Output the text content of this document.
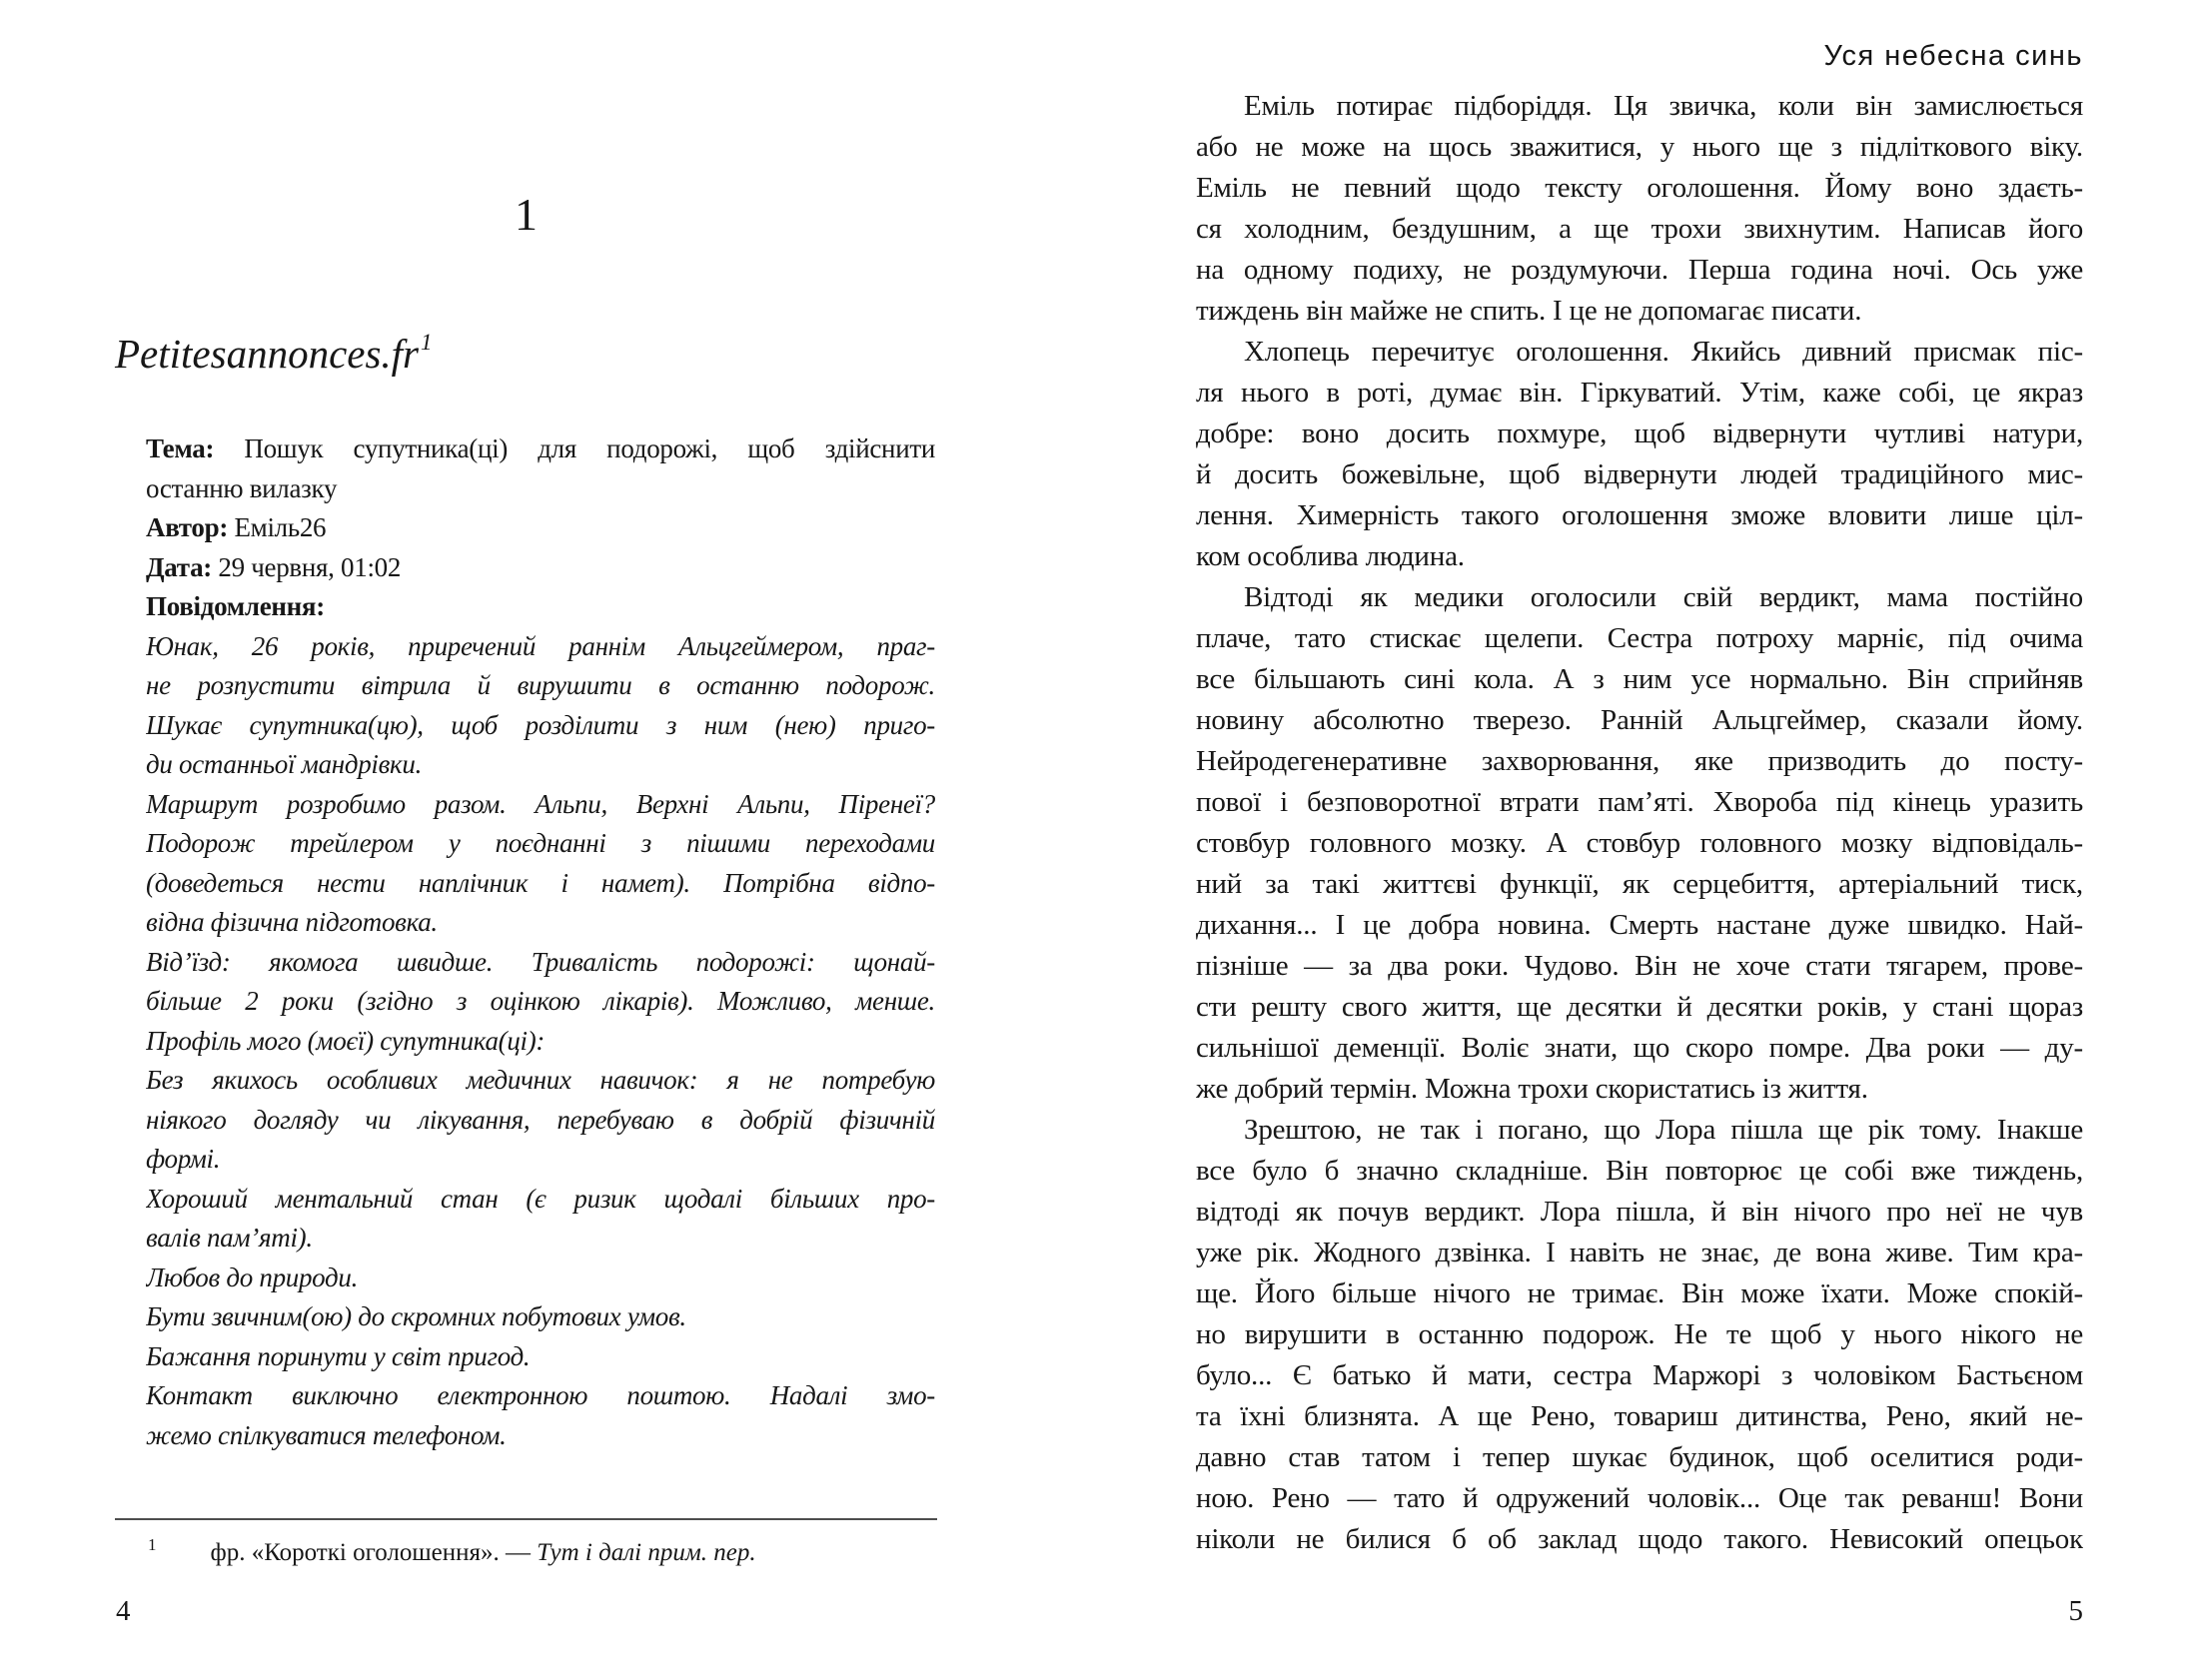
1
$Petitesannonces.fr^1$
Тема: Пошук супутника(ці) для подорожі, щоб здійснити
останню вилазку
Автор: Еміль26
Дата: 29 червня, 01:02
Повідомлення:
Юнак, 26 років, приречений раннім Альцгеймером, праг-
не розпустити вітрила й вирушити в останню подорож.
Шукає супутника(цю), щоб розділити з ним (нею) приго-
ди останньої мандрівки.
Маршрут розробимо разом. Альпи, Верхні Альпи, Піренеї?
Подорож трейлером у поєднанні з пішими переходами
(доведеться нести наплічник і намет). Потрібна відпо-
відна фізична підготовка.
Від’їзд: якомога швидше. Тривалість подорожі: щонай-
більше 2 роки (згідно з оцінкою лікарів). Можливо, менше.
Профіль мого (моєї) супутника(ці):
Без якихось особливих медичних навичок: я не потребую
ніякого догляду чи лікування, перебуваю в добрій фізичній
формі.
Хороший ментальний стан (є ризик щодалі більших про-
валів пам’яті).
Любов до природи.
Бути звичним(ою) до скромних побутових умов.
Бажання поринути у світ пригод.
Контакт виключно електронною поштою. Надалі змо-
жемо спілкуватися телефоном.
$^1$ фр. «Короткі оголошення». — Тут і далі прим. пер.
4
Уся небесна синь
Еміль потирає підборіддя. Ця звичка, коли він замислюється
або не може на щось зважитися, у нього ще з підліткового віку.
Еміль не певний щодо тексту оголошення. Йому воно здаєть-
ся холодним, бездушним, а ще трохи звихнутим. Написав його
на одному подиху, не роздумуючи. Перша година ночі. Ось уже
тиждень він майже не спить. І це не допомагає писати.
Хлопець перечитує оголошення. Якийсь дивний присмак піс-
ля нього в роті, думає він. Гіркуватий. Утім, каже собі, це якраз
добре: воно досить похмуре, щоб відвернути чутливі натури,
й досить божевільне, щоб відвернути людей традиційного мис-
лення. Химерність такого оголошення зможе вловити лише ціл-
ком особлива людина.
Відтоді як медики оголосили свій вердикт, мама постійно
плаче, тато стискає щелепи. Сестра потроху марніє, під очима
все більшають сині кола. А з ним усе нормально. Він сприйняв
новину абсолютно тверезо. Ранній Альцгеймер, сказали йому.
Нейродегенеративне захворювання, яке призводить до посту-
пової і безповоротної втрати пам’яті. Хвороба під кінець уразить
стовбур головного мозку. А стовбур головного мозку відповідаль-
ний за такі життєві функції, як серцебиття, артеріальний тиск,
дихання... І це добра новина. Смерть настане дуже швидко. Най-
пізніше — за два роки. Чудово. Він не хоче стати тягарем, прове-
сти решту свого життя, ще десятки й десятки років, у стані щораз
сильнішої деменції. Воліє знати, що скоро помре. Два роки — ду-
же добрий термін. Можна трохи скористатись із життя.
Зрештою, не так і погано, що Лора пішла ще рік тому. Інакше
все було б значно складніше. Він повторює це собі вже тиждень,
відтоді як почув вердикт. Лора пішла, й він нічого про неї не чув
уже рік. Жодного дзвінка. І навіть не знає, де вона живе. Тим кра-
ще. Його більше нічого не тримає. Він може їхати. Може спокій-
но вирушити в останню подорож. Не те щоб у нього нікого не
було... Є батько й мати, сестра Маржорі з чоловіком Бастьєном
та їхні близнята. А ще Рено, товариш дитинства, Рено, який не-
давно став татом і тепер шукає будинок, щоб оселитися роди-
ною. Рено — тато й одружений чоловік... Оце так реванш! Вони
ніколи не билися б об заклад щодо такого. Невисокий опецьок
5
